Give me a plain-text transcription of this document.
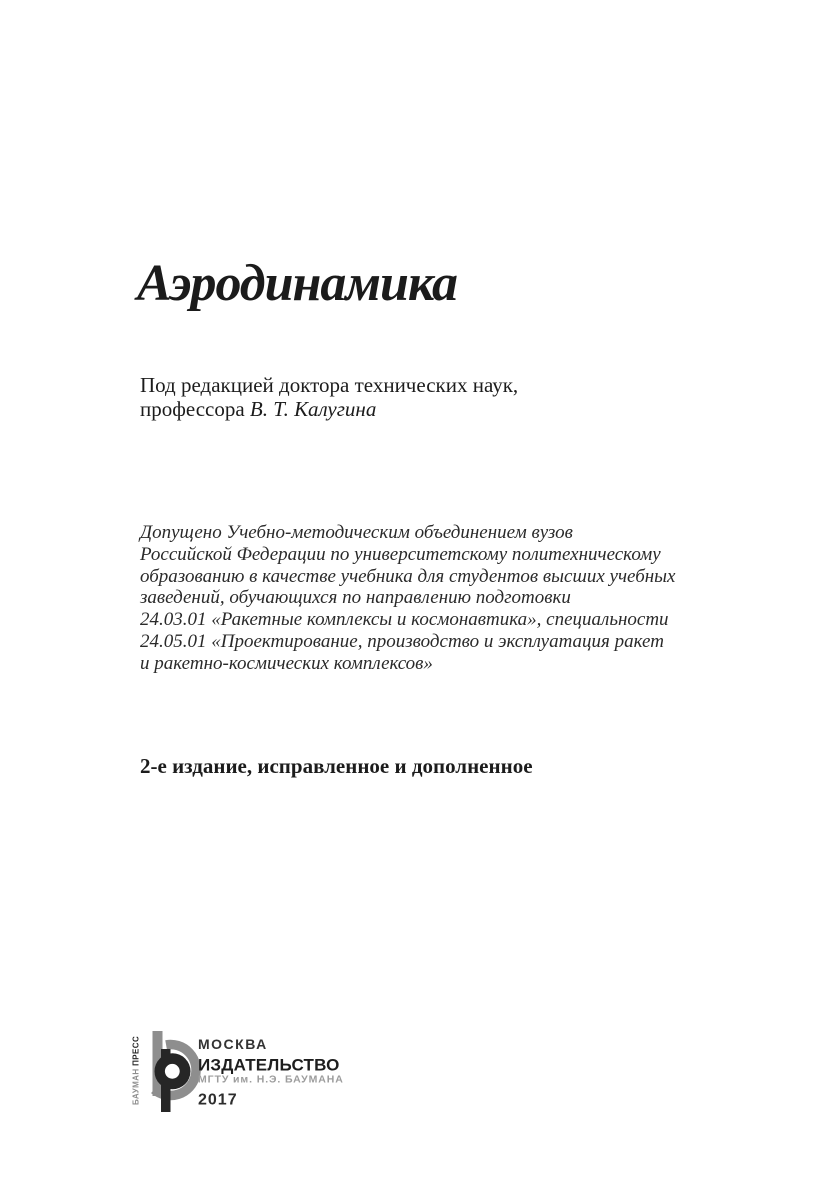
Аэродинамика
Под редакцией доктора технических наук,
профессора В. Т. Калугина
Допущено Учебно-методическим объединением вузов
Российской Федерации по университетскому политехническому
образованию в качестве учебника для студентов высших учебных
заведений, обучающихся по направлению подготовки
24.03.01 «Ракетные комплексы и космонавтика», специальности
24.05.01 «Проектирование, производство и эксплуатация ракет
и ракетно-космических комплексов»
2-е издание, исправленное и дополненное
БАУМАН ПРЕСС	МОСКВА
ИЗДАТЕЛЬСТВО
МГТУ им. Н.Э. БАУМАНА
2017
